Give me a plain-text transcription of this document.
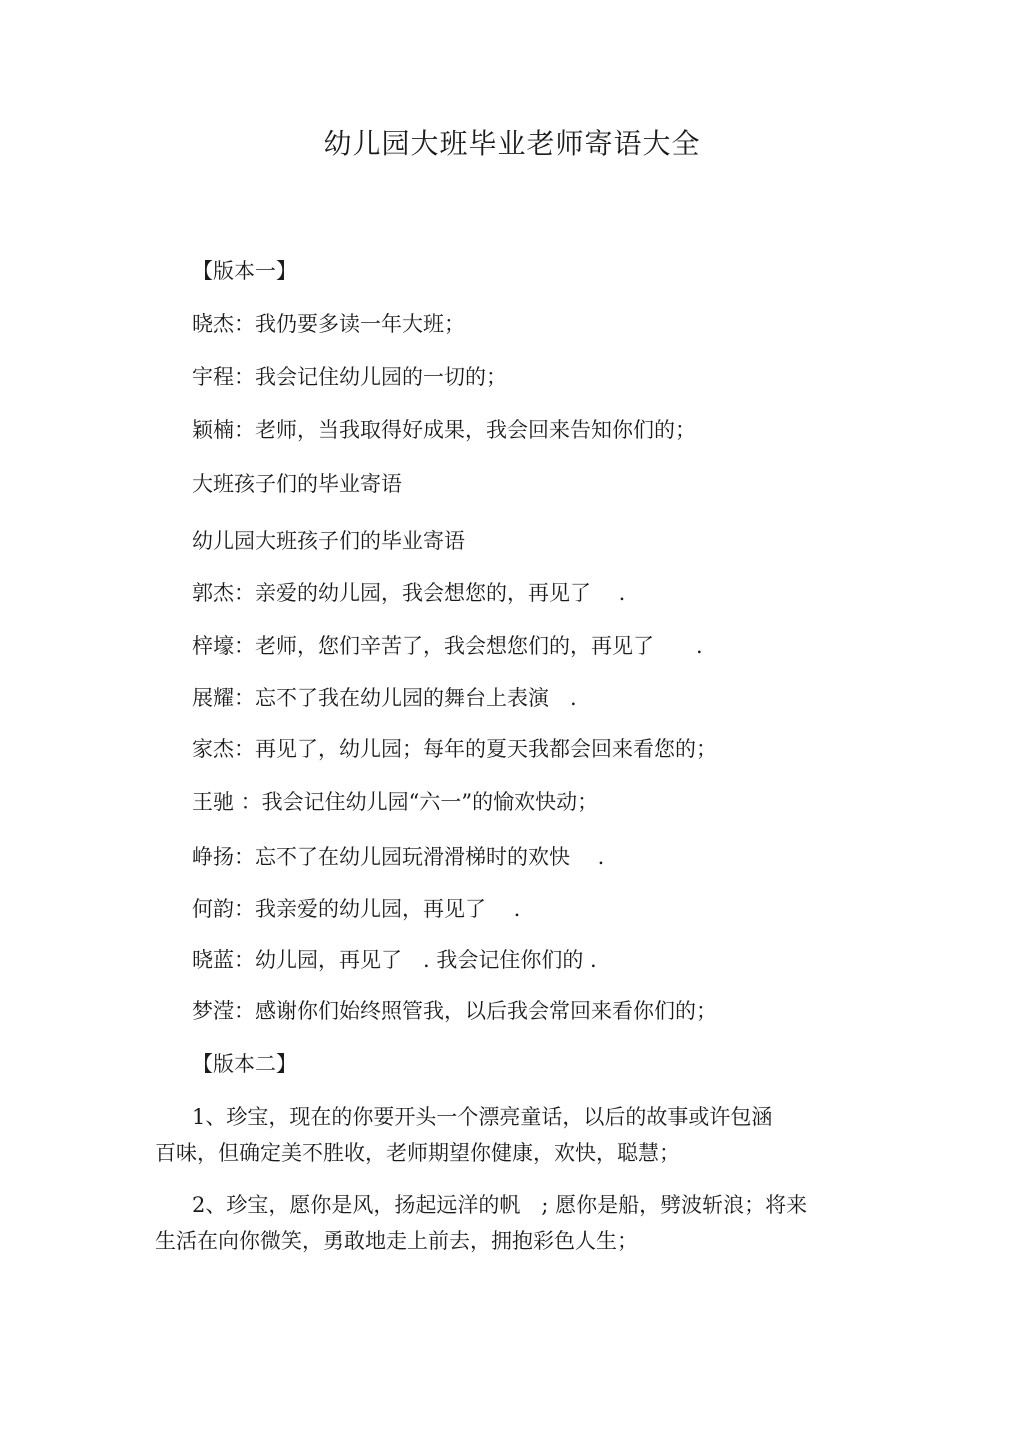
幼儿园大班毕业老师寄语大全
【版本一】
晓杰：我仍要多读一年大班；
宇程：我会记住幼儿园的一切的；
颖楠：老师，当我取得好成果，我会回来告知你们的；
大班孩子们的毕业寄语
幼儿园大班孩子们的毕业寄语
郭杰：亲爱的幼儿园，我会想您的，再见了　 .
梓壕：老师，您们辛苦了，我会想您们的，再见了　　.
展耀：忘不了我在幼儿园的舞台上表演　.
家杰：再见了，幼儿园；每年的夏天我都会回来看您的；
王驰 ：我会记住幼儿园“六一”的愉欢快动；
峥扬：忘不了在幼儿园玩滑滑梯时的欢快　 .
何韵：我亲爱的幼儿园，再见了　 .
晓蓝：幼儿园，再见了　. 我会记住你们的 .
梦滢：感谢你们始终照管我，以后我会常回来看你们的；
【版本二】
1、珍宝，现在的你要开头一个漂亮童话，以后的故事或许包涵
百味，但确定美不胜收，老师期望你健康，欢快，聪慧；
2、珍宝，愿你是风，扬起远洋的帆　; 愿你是船，劈波斩浪；将来
生活在向你微笑，勇敢地走上前去，拥抱彩色人生；
